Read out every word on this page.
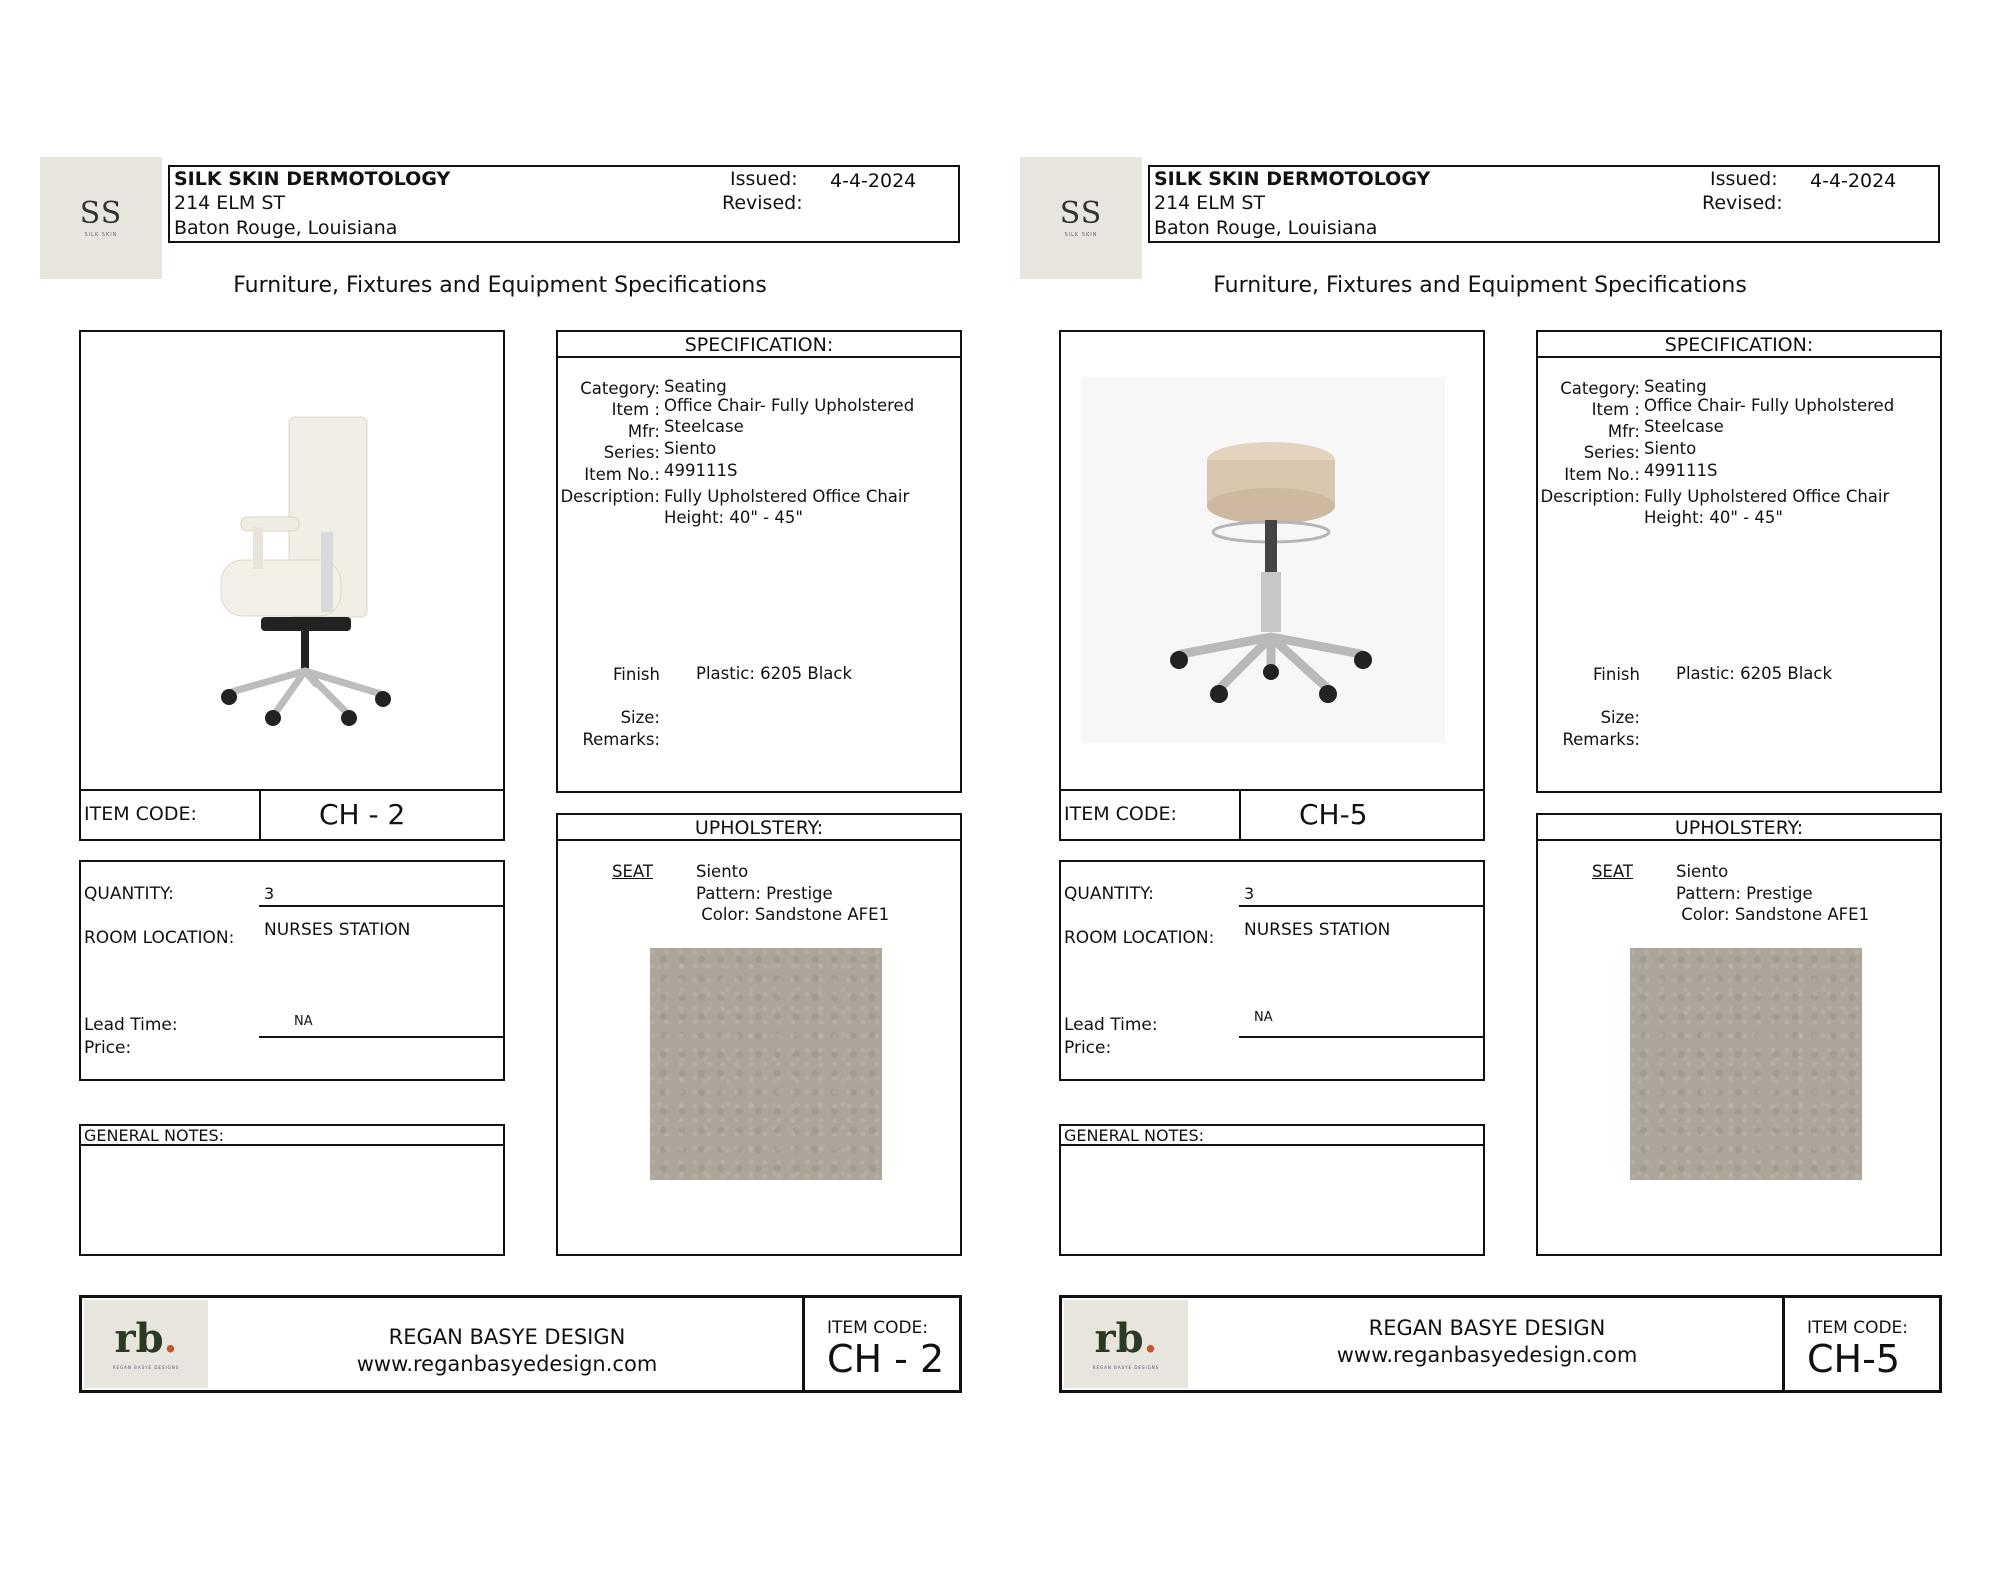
SS
SILK SKIN
SILK SKIN DERMOTOLOGY
214 ELM ST
Baton Rouge, Louisiana
Issued: 4-4-2024
Revised:
Furniture, Fixtures and Equipment Specifications
ITEM CODE:	CH - 2
QUANTITY:	3
ROOM LOCATION: NURSES STATION
Lead Time:	NA
Price:
GENERAL NOTES:
SPECIFICATION:
Category: Seating
Item : Office Chair- Fully Upholstered
Mfr: Steelcase
Series: Siento
Item No.: 499111S
Description: Fully Upholstered Office Chair
Height: 40" - 45"
Finish Plastic: 6205 Black
Size:
Remarks:
UPHOLSTERY:
SEAT	Siento
Pattern: Prestige
Color: Sandstone AFE1
rb.
REGAN BASYE DESIGNS
REGAN BASYE DESIGN
www.reganbasyedesign.com
ITEM CODE:
CH - 2
SS
SILK SKIN
SILK SKIN DERMOTOLOGY
214 ELM ST
Baton Rouge, Louisiana
Issued: 4-4-2024
Revised:
Furniture, Fixtures and Equipment Specifications
ITEM CODE:	CH-5
QUANTITY:	3
ROOM LOCATION: NURSES STATION
Lead Time:	NA
Price:
GENERAL NOTES:
SPECIFICATION:
Category: Seating
Item : Office Chair- Fully Upholstered
Mfr: Steelcase
Series: Siento
Item No.: 499111S
Description: Fully Upholstered Office Chair
Height: 40" - 45"
Finish Plastic: 6205 Black
Size:
Remarks:
UPHOLSTERY:
SEAT	Siento
Pattern: Prestige
Color: Sandstone AFE1
rb.
REGAN BASYE DESIGNS
REGAN BASYE DESIGN
www.reganbasyedesign.com
ITEM CODE:
CH-5
